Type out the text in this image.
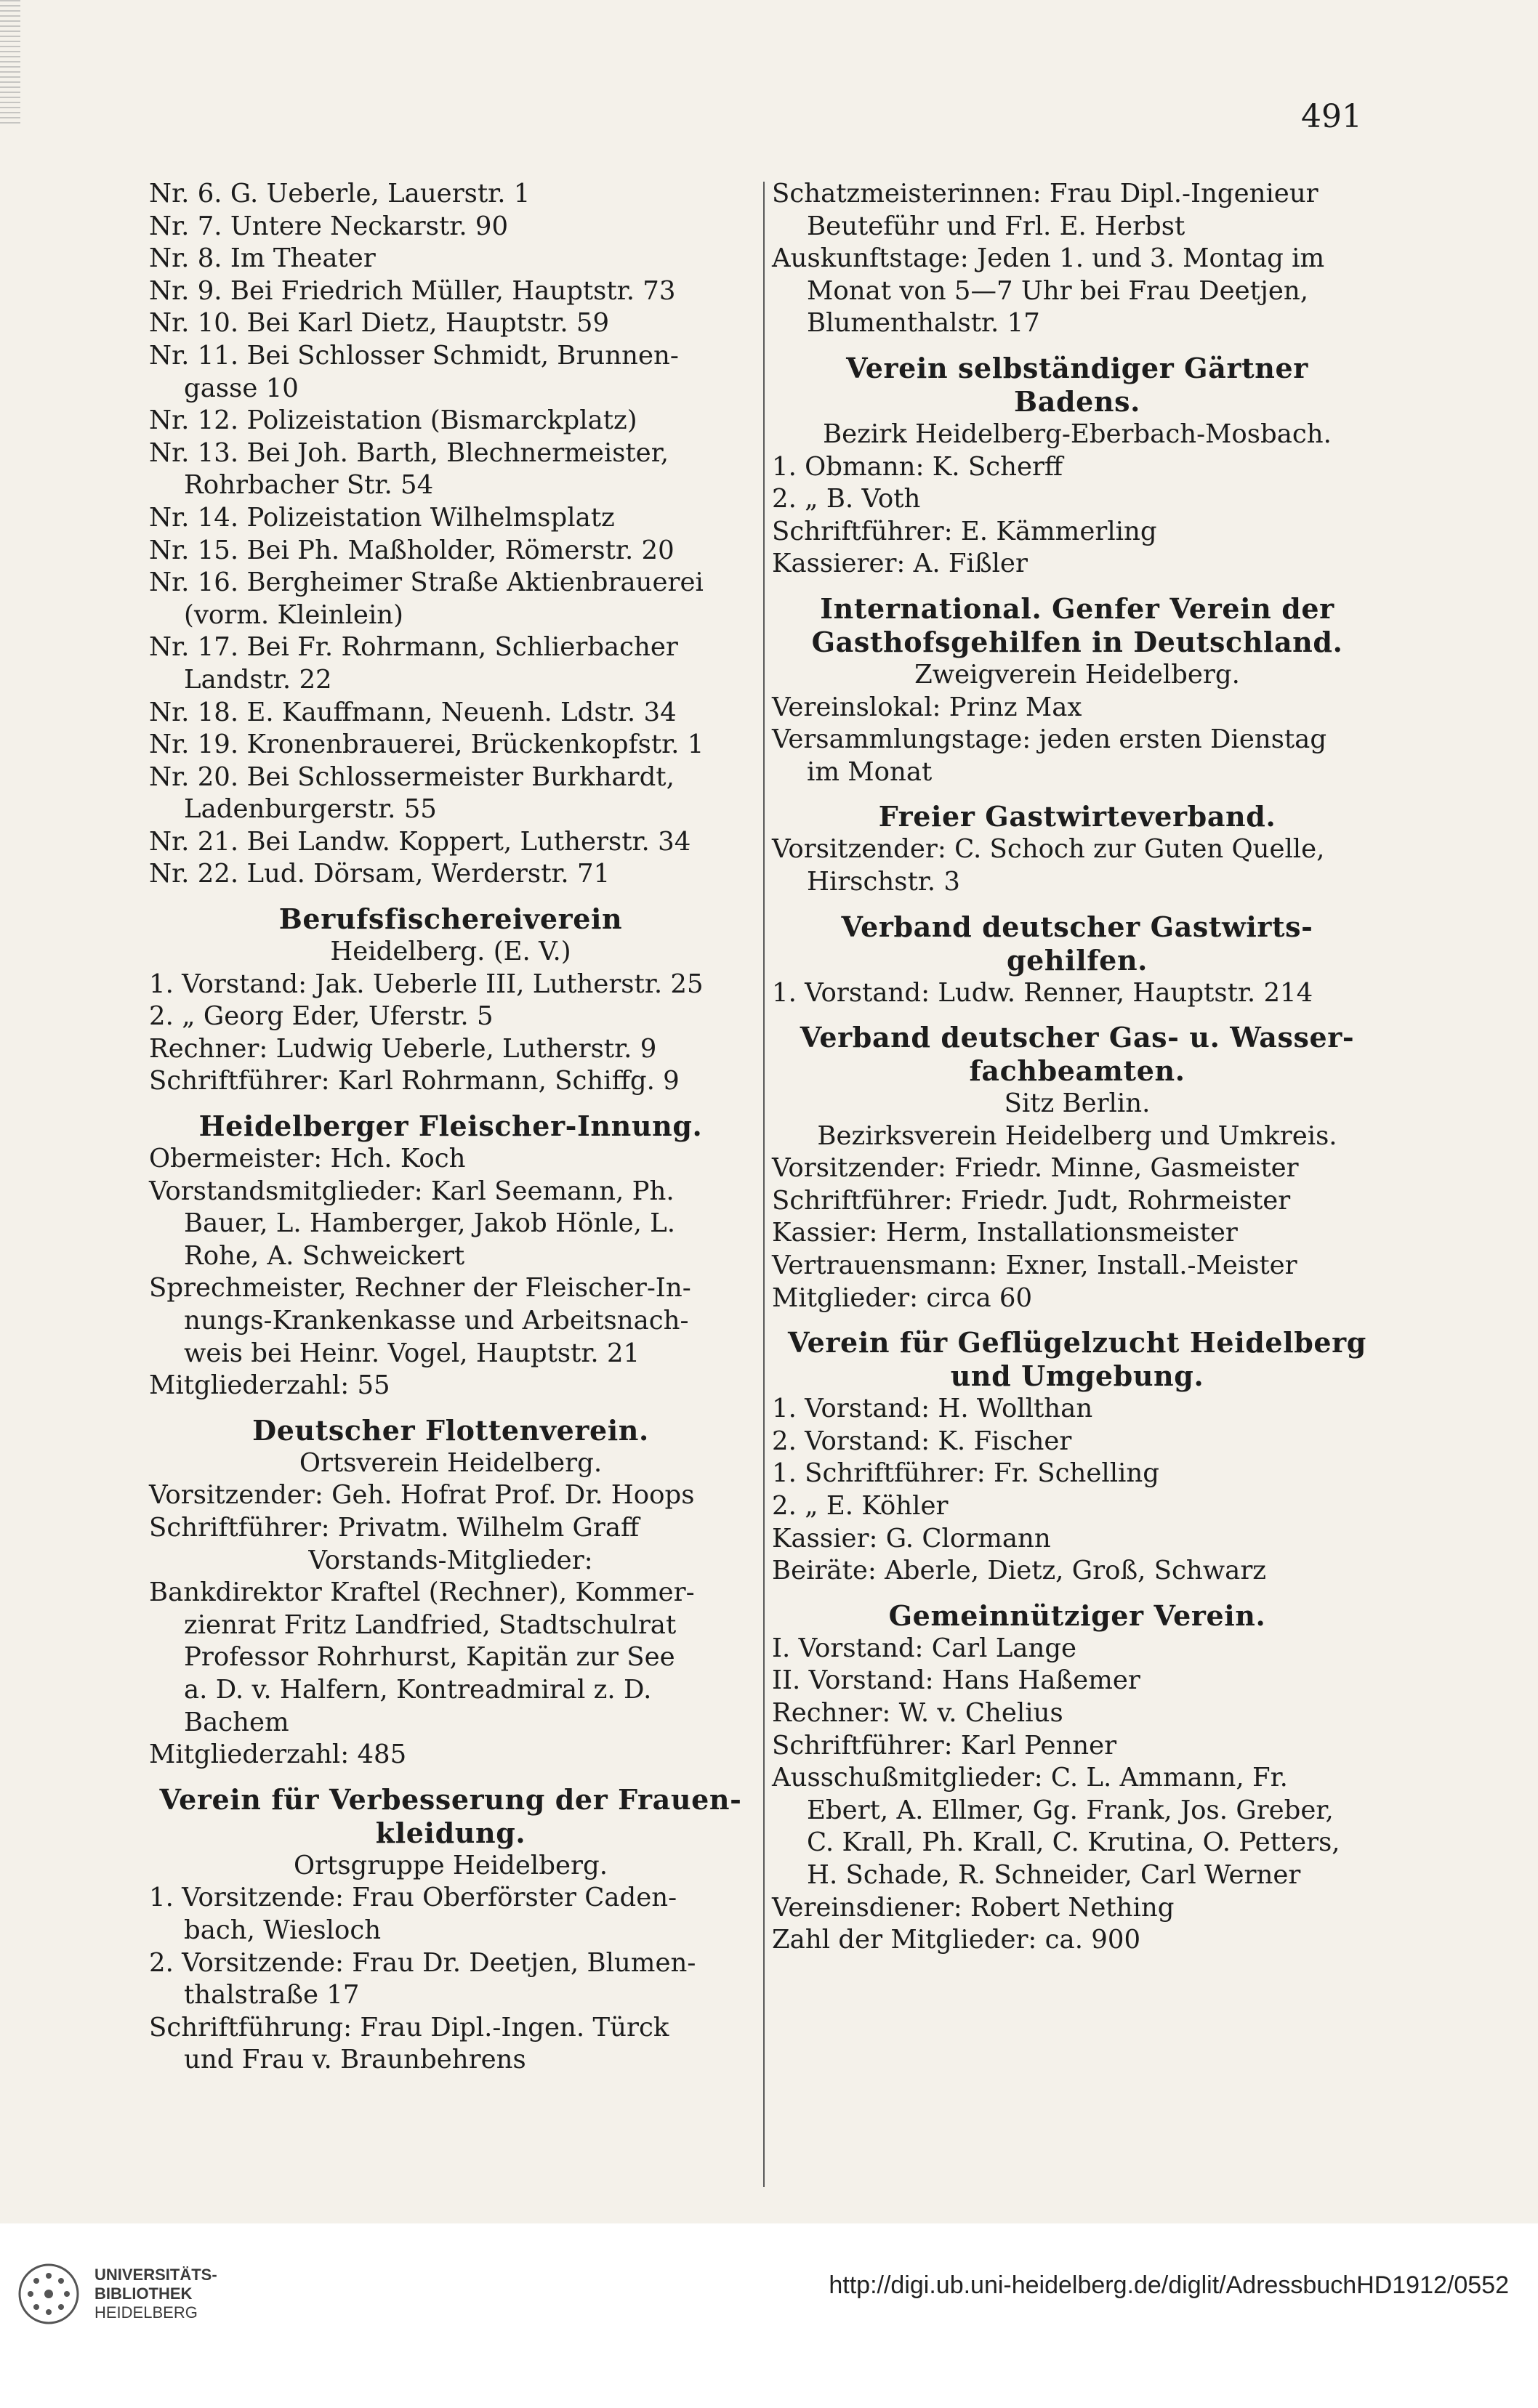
491
Nr. 6. G. Ueberle, Lauerstr. 1
Nr. 7. Untere Neckarstr. 90
Nr. 8. Im Theater
Nr. 9. Bei Friedrich Müller, Hauptstr. 73
Nr. 10. Bei Karl Dietz, Hauptstr. 59
Nr. 11. Bei Schlosser Schmidt, Brunnen-
gasse 10
Nr. 12. Polizeistation (Bismarckplatz)
Nr. 13. Bei Joh. Barth, Blechnermeister,
Rohrbacher Str. 54
Nr. 14. Polizeistation Wilhelmsplatz
Nr. 15. Bei Ph. Maßholder, Römerstr. 20
Nr. 16. Bergheimer Straße Aktienbrauerei
(vorm. Kleinlein)
Nr. 17. Bei Fr. Rohrmann, Schlierbacher
Landstr. 22
Nr. 18. E. Kauffmann, Neuenh. Ldstr. 34
Nr. 19. Kronenbrauerei, Brückenkopfstr. 1
Nr. 20. Bei Schlossermeister Burkhardt,
Ladenburgerstr. 55
Nr. 21. Bei Landw. Koppert, Lutherstr. 34
Nr. 22. Lud. Dörsam, Werderstr. 71
Berufsfischereiverein
Heidelberg. (E. V.)
1. Vorstand: Jak. Ueberle III, Lutherstr. 25
2. „ Georg Eder, Uferstr. 5
Rechner: Ludwig Ueberle, Lutherstr. 9
Schriftführer: Karl Rohrmann, Schiffg. 9
Heidelberger Fleischer-Innung.
Obermeister: Hch. Koch
Vorstandsmitglieder: Karl Seemann, Ph.
Bauer, L. Hamberger, Jakob Hönle, L.
Rohe, A. Schweickert
Sprechmeister, Rechner der Fleischer-In-
nungs-Krankenkasse und Arbeitsnach-
weis bei Heinr. Vogel, Hauptstr. 21
Mitgliederzahl: 55
Deutscher Flottenverein.
Ortsverein Heidelberg.
Vorsitzender: Geh. Hofrat Prof. Dr. Hoops
Schriftführer: Privatm. Wilhelm Graff
Vorstands-Mitglieder:
Bankdirektor Kraftel (Rechner), Kommer-
zienrat Fritz Landfried, Stadtschulrat
Professor Rohrhurst, Kapitän zur See
a. D. v. Halfern, Kontreadmiral z. D.
Bachem
Mitgliederzahl: 485
Verein für Verbesserung der Frauen-
kleidung.
Ortsgruppe Heidelberg.
1. Vorsitzende: Frau Oberförster Caden-
bach, Wiesloch
2. Vorsitzende: Frau Dr. Deetjen, Blumen-
thalstraße 17
Schriftführung: Frau Dipl.-Ingen. Türck
und Frau v. Braunbehrens
Schatzmeisterinnen: Frau Dipl.-Ingenieur
Beuteführ und Frl. E. Herbst
Auskunftstage: Jeden 1. und 3. Montag im
Monat von 5—7 Uhr bei Frau Deetjen,
Blumenthalstr. 17
Verein selbständiger Gärtner
Badens.
Bezirk Heidelberg-Eberbach-Mosbach.
1. Obmann: K. Scherff
2. „ B. Voth
Schriftführer: E. Kämmerling
Kassierer: A. Fißler
International. Genfer Verein der
Gasthofsgehilfen in Deutschland.
Zweigverein Heidelberg.
Vereinslokal: Prinz Max
Versammlungstage: jeden ersten Dienstag
im Monat
Freier Gastwirteverband.
Vorsitzender: C. Schoch zur Guten Quelle,
Hirschstr. 3
Verband deutscher Gastwirts-
gehilfen.
1. Vorstand: Ludw. Renner, Hauptstr. 214
Verband deutscher Gas- u. Wasser-
fachbeamten.
Sitz Berlin.
Bezirksverein Heidelberg und Umkreis.
Vorsitzender: Friedr. Minne, Gasmeister
Schriftführer: Friedr. Judt, Rohrmeister
Kassier: Herm, Installationsmeister
Vertrauensmann: Exner, Install.-Meister
Mitglieder: circa 60
Verein für Geflügelzucht Heidelberg
und Umgebung.
1. Vorstand: H. Wollthan
2. Vorstand: K. Fischer
1. Schriftführer: Fr. Schelling
2. „ E. Köhler
Kassier: G. Clormann
Beiräte: Aberle, Dietz, Groß, Schwarz
Gemeinnütziger Verein.
I. Vorstand: Carl Lange
II. Vorstand: Hans Haßemer
Rechner: W. v. Chelius
Schriftführer: Karl Penner
Ausschußmitglieder: C. L. Ammann, Fr.
Ebert, A. Ellmer, Gg. Frank, Jos. Greber,
C. Krall, Ph. Krall, C. Krutina, O. Petters,
H. Schade, R. Schneider, Carl Werner
Vereinsdiener: Robert Nething
Zahl der Mitglieder: ca. 900
UNIVERSITÄTS-
BIBLIOTHEK
HEIDELBERG
http://digi.ub.uni-heidelberg.de/diglit/AdressbuchHD1912/0552
